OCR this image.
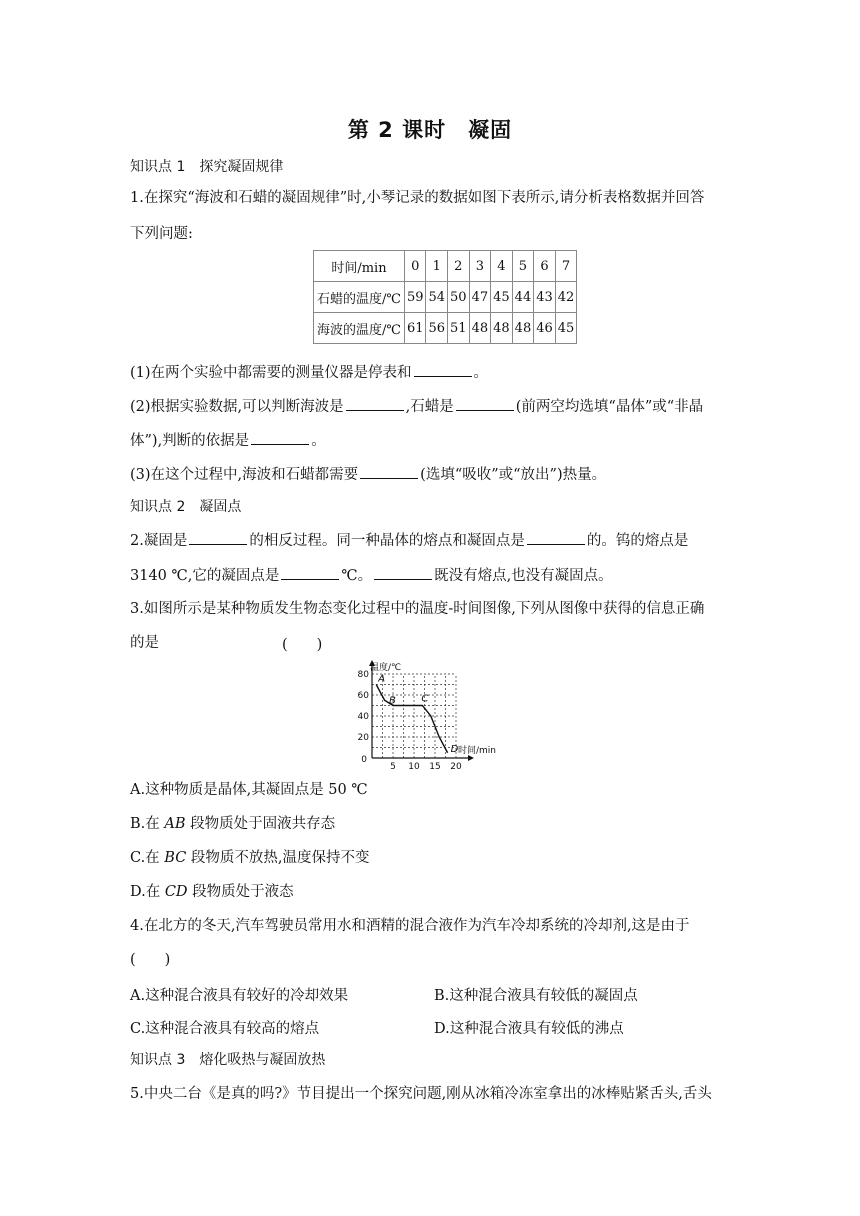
第 2 课时　凝固
知识点 1　探究凝固规律
1.在探究“海波和石蜡的凝固规律”时,小琴记录的数据如图下表所示,请分析表格数据并回答
下列问题:
时间/min	0	1	2	3	4	5	6	7
石蜡的温度/℃	59	54	50	47	45	44	43	42
海波的温度/℃	61	56	51	48	48	48	46	45
(1)在两个实验中都需要的测量仪器是停表和	。
(2)根据实验数据,可以判断海波是	,石蜡是	(前两空均选填“晶体”或“非晶
体”),判断的依据是	。
(3)在这个过程中,海波和石蜡都需要	(选填“吸收”或“放出”)热量。
知识点 2　凝固点
2.凝固是	的相反过程。同一种晶体的熔点和凝固点是	的。钨的熔点是
3140 ℃,它的凝固点是	℃。	既没有熔点,也没有凝固点。
3.如图所示是某种物质发生物态变化过程中的温度-时间图像,下列从图像中获得的信息正确
的是	(　　)
5 10 15 20
20
40
60
80
0
温度/℃
时间/min
A
B	C
D
A.这种物质是晶体,其凝固点是 50 ℃
B.在 AB 段物质处于固液共存态
C.在 BC 段物质不放热,温度保持不变
D.在 CD 段物质处于液态
4.在北方的冬天,汽车驾驶员常用水和酒精的混合液作为汽车冷却系统的冷却剂,这是由于
(　　)
A.这种混合液具有较好的冷却效果	B.这种混合液具有较低的凝固点
C.这种混合液具有较高的熔点	D.这种混合液具有较低的沸点
知识点 3　熔化吸热与凝固放热
5.中央二台《是真的吗?》节目提出一个探究问题,刚从冰箱冷冻室拿出的冰棒贴紧舌头,舌头
